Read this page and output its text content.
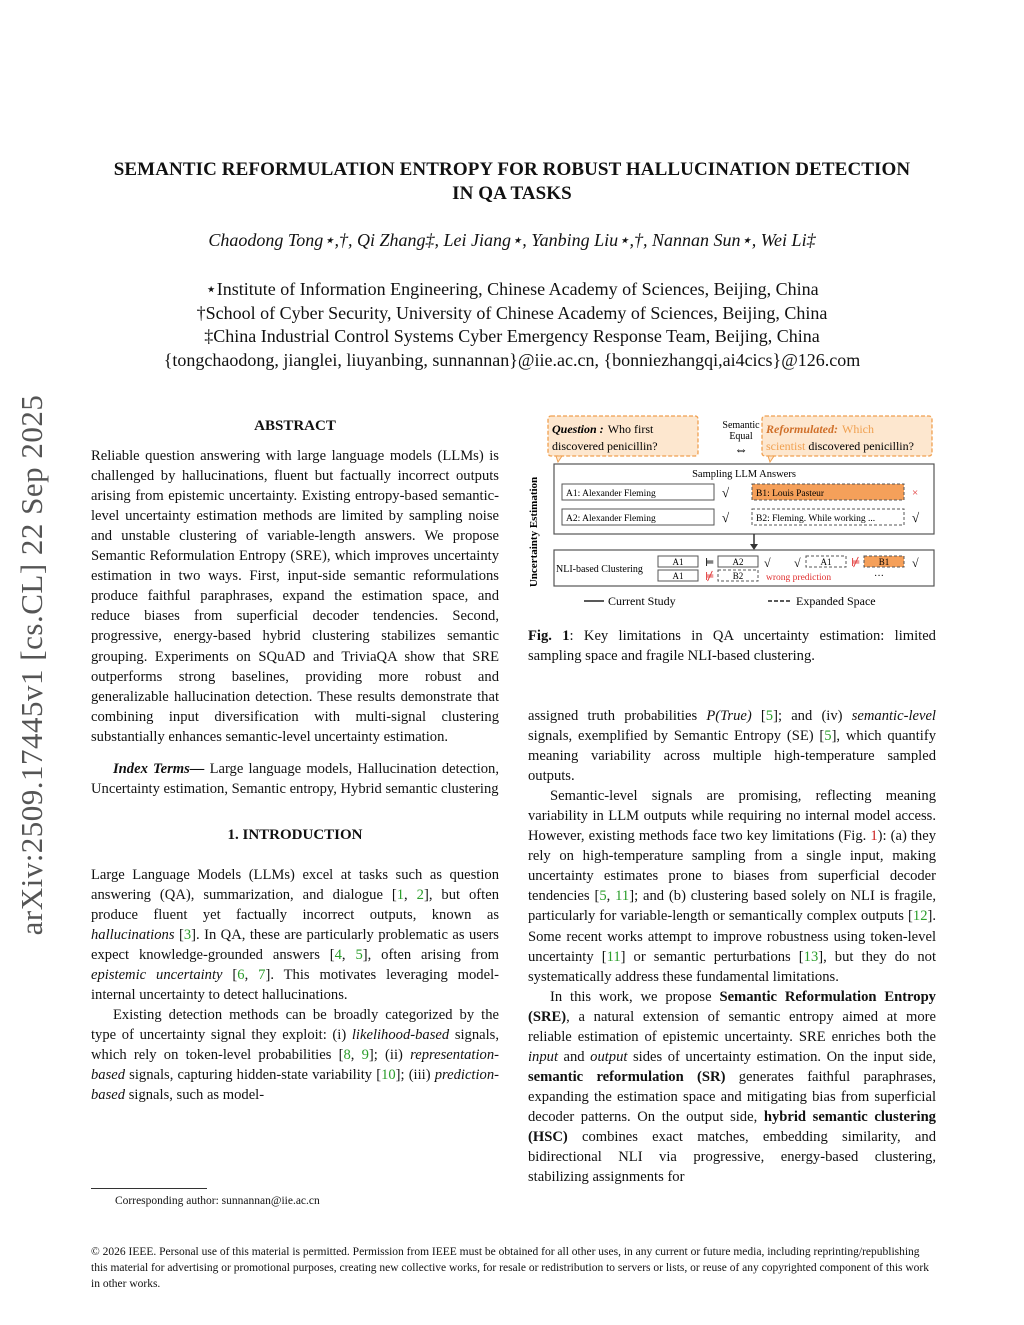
arXiv:2509.17445v1 [cs.CL] 22 Sep 2025
SEMANTIC REFORMULATION ENTROPY FOR ROBUST HALLUCINATION DETECTION
IN QA TASKS
Chaodong Tong⋆,†, Qi Zhang‡, Lei Jiang⋆, Yanbing Liu⋆,†, Nannan Sun⋆, Wei Li‡
⋆Institute of Information Engineering, Chinese Academy of Sciences, Beijing, China
†School of Cyber Security, University of Chinese Academy of Sciences, Beijing, China
‡China Industrial Control Systems Cyber Emergency Response Team, Beijing, China
{tongchaodong, jianglei, liuyanbing, sunnannan}@iie.ac.cn, {bonniezhangqi,ai4cics}@126.com

ABSTRACT

Reliable question answering with large language models (LLMs) is challenged by hallucinations, fluent but factually incorrect outputs arising from epistemic uncertainty. Existing entropy-based semantic-level uncertainty estimation methods are limited by sampling noise and unstable clustering of variable-length answers. We propose Semantic Reformulation Entropy (SRE), which improves uncertainty estimation in two ways. First, input-side semantic reformulations produce faithful paraphrases, expand the estimation space, and reduce biases from superficial decoder tendencies. Second, progressive, energy-based hybrid clustering stabilizes semantic grouping. Experiments on SQuAD and TriviaQA show that SRE outperforms strong baselines, providing more robust and generalizable hallucination detection. These results demonstrate that combining input diversification with multi-signal clustering substantially enhances semantic-level uncertainty estimation.

Index Terms— Large language models, Hallucination detection, Uncertainty estimation, Semantic entropy, Hybrid semantic clustering

1. INTRODUCTION

Large Language Models (LLMs) excel at tasks such as question answering (QA), summarization, and dialogue [1, 2], but often produce fluent yet factually incorrect outputs, known as hallucinations [3]. In QA, these are particularly problematic as users expect knowledge-grounded answers [4, 5], often arising from epistemic uncertainty [6, 7]. This motivates leveraging model-internal uncertainty to detect hallucinations.

Existing detection methods can be broadly categorized by the type of uncertainty signal they exploit: (i) likelihood-based signals, which rely on token-level probabilities [8, 9]; (ii) representation-based signals, capturing hidden-state variability [10]; (iii) prediction-based signals, such as model-

Corresponding author: sunnannan@iie.ac.cn
Question : Who first
discovered penicillin?
Semantic
Equal
⇔
Reformulated: Which
scientist discovered penicillin?
Uncertainty Estimation
Sampling LLM Answers
A1: Alexander Fleming	√
A2: Alexander Fleming	√
B1: Louis Pasteur	×
B2: Fleming. While working ...	√
NLI-based Clustering
A1 ⊨ A2 √
A1 ⊭ B2 wrong prediction
√ A1 ⊭ B1 √
···
Current Study	Expanded Space
Fig. 1: Key limitations in QA uncertainty estimation: limited sampling space and fragile NLI-based clustering.

assigned truth probabilities P(True) [5]; and (iv) semantic-level signals, exemplified by Semantic Entropy (SE) [5], which quantify meaning variability across multiple high-temperature sampled outputs.

Semantic-level signals are promising, reflecting meaning variability in LLM outputs while requiring no internal model access. However, existing methods face two key limitations (Fig. 1): (a) they rely on high-temperature sampling from a single input, making uncertainty estimates prone to biases from superficial decoder tendencies [5, 11]; and (b) clustering based solely on NLI is fragile, particularly for variable-length or semantically complex outputs [12]. Some recent works attempt to improve robustness using token-level uncertainty [11] or semantic perturbations [13], but they do not systematically address these fundamental limitations.

In this work, we propose Semantic Reformulation Entropy (SRE), a natural extension of semantic entropy aimed at more reliable estimation of epistemic uncertainty. SRE enriches both the input and output sides of uncertainty estimation. On the input side, semantic reformulation (SR) generates faithful paraphrases, expanding the estimation space and mitigating bias from superficial decoder patterns. On the output side, hybrid semantic clustering (HSC) combines exact matches, embedding similarity, and bidirectional NLI via progressive, energy-based clustering, stabilizing assignments for

© 2026 IEEE. Personal use of this material is permitted. Permission from IEEE must be obtained for all other uses, in any current or future media, including reprinting/republishing this material for advertising or promotional purposes, creating new collective works, for resale or redistribution to servers or lists, or reuse of any copyrighted component of this work in other works.
